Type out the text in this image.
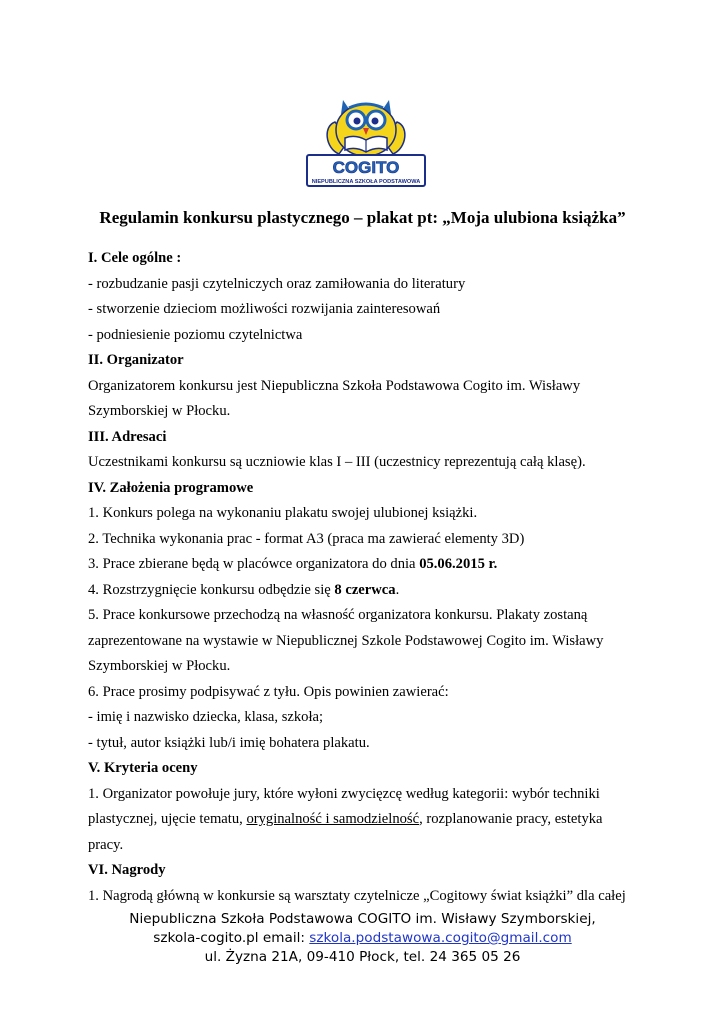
COGITO
NIEPUBLICZNA SZKOŁA PODSTAWOWA
Regulamin konkursu plastycznego – plakat pt: „Moja ulubiona książka”
I. Cele ogólne :
- rozbudzanie pasji czytelniczych oraz zamiłowania do literatury
- stworzenie dzieciom możliwości rozwijania zainteresowań
- podniesienie poziomu czytelnictwa
II. Organizator
Organizatorem konkursu jest Niepubliczna Szkoła Podstawowa Cogito im. Wisławy
Szymborskiej w Płocku.
III. Adresaci
Uczestnikami konkursu są uczniowie klas I – III (uczestnicy reprezentują całą klasę).
IV. Założenia programowe
1. Konkurs polega na wykonaniu plakatu swojej ulubionej książki.
2. Technika wykonania prac - format A3 (praca ma zawierać elementy 3D)
3. Prace zbierane będą w placówce organizatora do dnia 05.06.2015 r.
4. Rozstrzygnięcie konkursu odbędzie się 8 czerwca.
5. Prace konkursowe przechodzą na własność organizatora konkursu. Plakaty zostaną
zaprezentowane na wystawie w Niepublicznej Szkole Podstawowej Cogito im. Wisławy
Szymborskiej w Płocku.
6. Prace prosimy podpisywać z tyłu. Opis powinien zawierać:
- imię i nazwisko dziecka, klasa, szkoła;
- tytuł, autor książki lub/i imię bohatera plakatu.
V. Kryteria oceny
1. Organizator powołuje jury, które wyłoni zwycięzcę według kategorii: wybór techniki
plastycznej, ujęcie tematu, oryginalność i samodzielność, rozplanowanie pracy, estetyka
pracy.
VI. Nagrody
1. Nagrodą główną w konkursie są warsztaty czytelnicze „Cogitowy świat książki” dla całej
Niepubliczna Szkoła Podstawowa COGITO im. Wisławy Szymborskiej,
szkola-cogito.pl email: szkola.podstawowa.cogito@gmail.com
ul. Żyzna 21A, 09-410 Płock, tel. 24 365 05 26
